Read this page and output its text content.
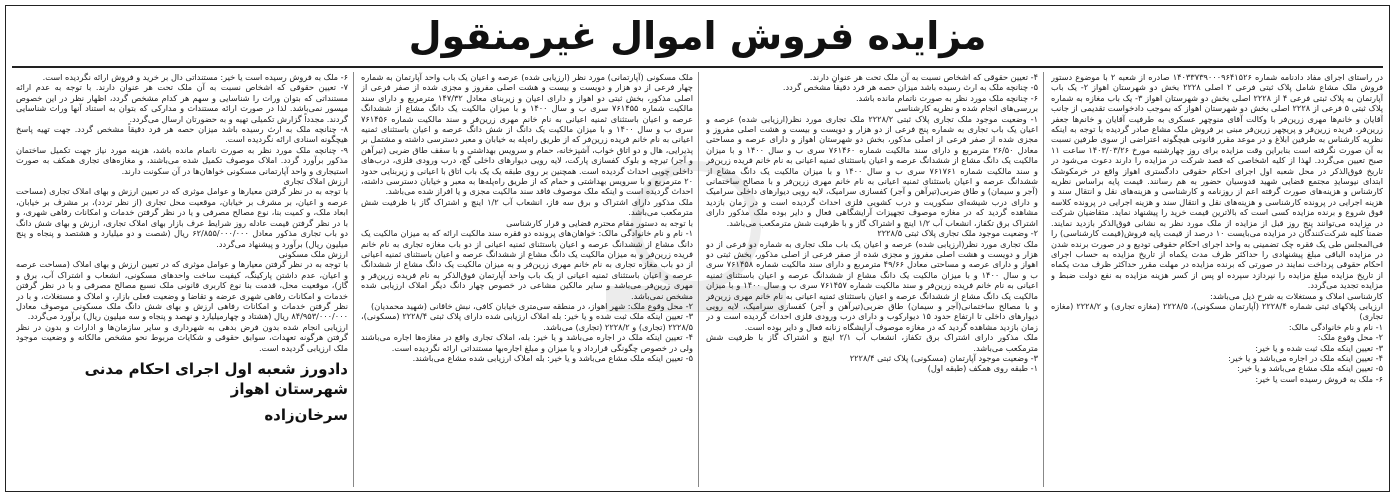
مزایده فروش اموال غیرمنقول

در راستای اجرای مفاد دادنامه شماره ۱۴۰۳۳۷۳۹۰۰۰۹۶۴۱۵۲۶ صادره از شعبه ۲ با موضوع دستور فروش ملک مشاع شامل پلاک ثبتی فرعی ۲ اصلی ۲۲۲۸ بخش دو شهرستان اهواز ۲- یک باب آپارتمان به پلاک ثبتی فرعی ۴ از ۲۲۲۸ اصلی بخش دو شهرستان اهواز ۳- یک باب مغازه به شماره پلاک ثبتی ۵ فرعی از ۲۲۲۸ اصلی بخش دو شهرستان اهواز که بموجب دادخواست تقدیمی از جانب آقایان و خانم‌ها مهری زرین‌فر با وکالت آقای منوچهر عسکری به طرفیت آقایان و خانم‌ها جعفر زرین‌فر، فریده زرین‌فر و پریچهر زرین‌فر مبنی بر فروش ملک مشاع صادر گردیده با توجه به اینکه نظریه کارشناس به طرفین ابلاغ و در موعد مقرر قانونی هیچگونه اعتراضی از سوی طرفین نسبت به آن صورت نگرفته است بنابراین وقت مزایده برای روز چهارشنبه مورخ ۱۴۰۳/۰۳/۲۶ ساعت ۱۱ صبح تعیین می‌گردد. لهذا از کلیه اشخاصی که قصد شرکت در مزایده را دارند دعوت می‌شود در تاریخ فوق‌الذکر در محل شعبه اول اجرای احکام حقوقی دادگستری اهواز واقع در خرمکوشک ابتدای نیوسایدِ مجتمع قضایی شهید قدوسیان حضور به هم رسانند. قیمت پایه براساس نظریه کارشناس و هزینه‌های صورت گرفته اعم از روزنامه و کارشناسی و هزینه‌های نقل و انتقال سند و هزینه اجرایی در پرونده کارشناسی و هزینه‌های نقل و انتقال سند و هزینه اجرایی در پرونده کلاسه فوق شروع و برنده مزایده کسی است که بالاترین قیمت خرید را پیشنهاد نماید. متقاضیان شرکت در مزایده می‌توانند پنج روز قبل از مزایده از ملک مورد نظر به نشانی فوق‌الذکر بازدید نمایند. ضمناً کلیه شرکت‌کنندگان در مزایده می‌بایست ۱۰ درصد از قیمت پایه فروش(قیمت کارشناسی) را فی‌المجلس طی یک فقره چک تضمینی به واحد اجرای احکام حقوقی تودیع و در صورت برنده شدن در مزایده الباقی مبلغ پیشنهادی را حداکثر ظرف مدت یکماه از تاریخ مزایده به حساب اجرای احکام حقوقی پرداخت نمایند در صورتی که برنده مزایده در مهلت مقرر حداکثر ظرف مدت یکماه از تاریخ مزایده مبلغ مزایده را نپردازد سپرده او پس از کسر هزینه مزایده به نفع دولت ضبط و مزایده تجدید می‌گردد.

کارشناسی املاک و مستغلات به شرح ذیل می‌باشد:

ارزیابی پلاکهای ثبتی شماره ۲۲۲۸/۴ (آپارتمان مسکونی)، ۲۲۲۸/۵ (مغازه تجاری) و ۲۲۲۸/۲ (مغازه تجاری)

۱- نام و نام خانوادگی مالک:

۲- محل وقوع ملک:

۳- تعیین اینکه ملک ثبت شده و یا خیر:

۴- تعیین اینکه ملک در اجاره می‌باشد و یا خیر:

۵- تعیین اینکه ملک مشاع می‌باشد و یا خیر:

۶- ملک به فروش رسیده است یا خیر:

۴- تعیین حقوقی که اشخاص نسبت به آن ملک تحت هر عنوان دارند.

۵- چنانچه ملک به ارث رسیده باشد میزان حصه هر فرد دقیقاً مشخص گردد.

۶- چنانچه ملک مورد نظر به صورت ناتمام مانده باشد.

بررسی‌های انجام شده و نظریه کارشناسی

۱- وضعیت موجود ملک تجاری پلاک ثبتی ۲۲۲۸/۲ ملک تجاری مورد نظر(ارزیابی شده) عرصه و اعیان یک باب تجاری به شماره پنج فرعی از دو هزار و دویست و بیست و هشت اصلی مفروز و مجزی شده از صفر فرعی از اصلی مذکور، بخش دو شهرستان اهواز و دارای عرصه و مساحتی معادل ۲۶/۵۰ مترمربع و دارای سند مالکیت شماره ۷۶۱۴۶۰ سری ب و سال ۱۴۰۰ و با میزان مالکیت یک دانگ مشاع از ششدانگ عرصه و اعیان باستثنای ثمنیه اعیانی به نام خانم فریده زرین‌فر و سند مالکیت شماره ۷۶۱۷۶۱ سری ب و سال ۱۴۰۰ و با میزان مالکیت یک دانگ مشاع از ششدانگ عرصه و اعیان باستثنای ثمنیه اعیانی به نام خانم مهری زرین‌فر و با مصالح ساختمانی (آجر و سیمان) و طاق ضربی(تیرآهن و آجر) کفسازی سرامیک، لایه رویی دیوارهای داخلی سرامیک و دارای درب شیشه‌ای سکوریت و درب کشویی فلزی احداث گردیده است و در زمان بازدید مشاهده گردید که در مغازه موصوف تجهیزات آرایشگاهی فعال و دایر بوده ملک مذکور دارای اشتراک برق تکفاز، انشعاب آب ۱/۲ اینچ و اشتراک گاز و با ظرفیت شش مترمکعب می‌باشد.

۲- وضعیت موجود ملک تجاری پلاک ثبتی ۲۲۲۸/۵

ملک تجاری مورد نظر(ارزیابی شده) عرصه و اعیان یک باب ملک تجاری به شماره دو فرعی از دو هزار و دویست و هشت اصلی مفروز و مجزی شده از صفر فرعی از اصلی مذکور، بخش ثبتی دو اهواز و دارای عرصه و مساحتی معادل ۴۹/۶۶ مترمربع و دارای سند مالکیت شماره ۷۶۱۴۵۸ سری ب و سال ۱۴۰۰ و با میزان مالکیت یک دانگ مشاع از ششدانگ عرصه و اعیان باستثنای ثمنیه اعیانی به نام خانم فریده زرین‌فر و سند مالکیت شماره ۷۶۱۴۵۷ سری ب و سال ۱۴۰۰ و با میزان مالکیت یک دانگ مشاع از ششدانگ عرصه و اعیان باستثنای ثمنیه اعیانی به نام خانم مهری زرین‌فر و با مصالح ساختمانی(آجر و سیمان) طاق ضربی(تیرآهن و آجر) کفسازی سرامیک، لایه رویی دیوارهای داخلی تا ارتفاع حدود ۱۵ دیوارکوب و دارای درب ورودی فلزی احداث گردیده است و در زمان بازدید مشاهده گردید که در مغازه موصوف آرایشگاه زنانه فعال و دایر بوده است.

ملک مذکور دارای اشتراک برق تکفاز، انشعاب آب ۲/۱ اینچ و اشتراک گاز با ظرفیت شش مترمکعب می‌باشد.

۳- وضعیت موجود آپارتمان (مسکونی) پلاک ثبتی ۲۲۲۸/۴

۱- طبقه روی همکف (طبقه اول)

ملک مسکونی (آپارتمانی) مورد نظر (ارزیابی شده) عرصه و اعیان یک باب واحد آپارتمان به شماره چهار فرعی از دو هزار و دویست و بیست و هشت اصلی مفروز و مجزی شده از صفر فرعی از اصلی مذکور، بخش ثبتی دو اهواز و دارای اعیان و زیربنای معادل ۱۴۷/۳۲ مترمربع و دارای سند مالکیت شماره ۷۶۱۴۵۵ سری ب و سال ۱۴۰۰ و با میزان مالکیت یک دانگ مشاع از ششدانگ عرصه و اعیان باستثنای ثمنیه اعیانی به نام خانم مهری زرین‌فر و سند مالکیت شماره ۷۶۱۴۵۶ سری ب و سال ۱۴۰۰ و با میزان مالکیت یک دانگ از شش دانگ عرصه و اعیان باستثنای ثمنیه اعیانی به نام خانم فریده زرین‌فر که از طریق راه‌پله به خیابان و معبر دسترسی داشته و مشتمل بر پذیرایی، هال و دو اتاق خواب، آشپزخانه، حمام و سرویس بهداشتی و با سقف طاق ضربی (تیرآهن و آجر) تیرچه و بلوک کفسازی پارکت، لایه رویی دیوارهای داخلی گچ، درب ورودی فلزی، درب‌های داخلی چوبی احداث گردیده است. همچنین بر روی طبقه یک یک باب اتاق با اعیانی و زیربنایی حدود ۲۰ مترمربع و با سرویس بهداشتی و حمام که از طریق راه‌پله‌ها به معبر و خیابان دسترسی داشته، احداث گردیده است و اینکه ملک موصوف فاقد سند مالکیت مجزی و یا افراز شده می‌باشد.

ملک مذکور دارای اشتراک و برق سه فاز، انشعاب آب ۱/۲ اینچ و اشتراک گاز با ظرفیت شش مترمکعب می‌باشد.

با توجه به دستور مقام محترم قضایی و قرار کارشناسی

۱- نام و نام خانوادگی مالک: خواهان‌های پرونده دو فقره سند مالکیت ارائه که به میزان مالکیت یک دانگ مشاع از ششدانگ عرصه و اعیان باستثنای ثمنیه اعیانی از دو باب مغازه تجاری به نام خانم فریده زرین‌فر و به میزان مالکیت یک دانگ مشاع از ششدانگ عرصه و اعیان باستثنای ثمنیه اعیانی از دو باب مغازه تجاری به نام خانم مهری زرین‌فر و به میزان مالکیت یک دانگ مشاع از ششدانگ عرصه و اعیان باستثنای ثمنیه اعیانی از یک باب واحد آپارتمان فوق‌الذکر به نام فریده زرین‌فر و مهری زرین‌فر می‌باشد و سایر مالکین مشاعی در خصوص چهار دانگ دیگر املاک ارزیابی شده مشخص نمی‌باشد.

۲- محل وقوع ملک: شهر اهواز، در منطقه سی‌متری خیابان کافی، نبش خاقانی (شهید محمدیان)

۳- تعیین اینکه ملک ثبت شده و یا خیر: بله املاک ارزیابی شده دارای پلاک ثبتی ۲۲۲۸/۴ (مسکونی)، ۲۲۲۸/۵ (تجاری) و ۲۲۲۸/۲ (تجاری) می‌باشد.

۴- تعیین اینکه ملک در اجاره می‌باشد و یا خیر: بله، املاک تجاری واقع در مغازه‌ها اجاره می‌باشند ولی در خصوص چگونگی قرارداد و یا میزان و مبلغ اجاره‌بها مستنداتی ارائه نگردیده است.

۵- تعیین اینکه ملک مشاع می‌باشد و یا خیر: بله املاک ارزیابی شده مشاع می‌باشند.

۶- ملک به فروش رسیده است یا خیر: مستنداتی دال بر خرید و فروش ارائه نگردیده است.

۷- تعیین حقوقی که اشخاص نسبت به آن ملک تحت هر عنوان دارند. با توجه به عدم ارائه مستنداتی که بتوان ورات را شناسایی و سهم هر کدام مشخص گردد، اظهار نظر در این خصوص میسور نمی‌باشد. لذا در صورت ارائه مستندات و مدارکی که بتوان به استناد آنها ورات شناسایی گردند. مجدداً گزارش تکمیلی تهیه و به حضورتان ارسال می‌گردد.

۸- چنانچه ملک به ارث رسیده باشد میزان حصه هر فرد دقیقاً مشخص گردد. جهت تهیه پاسخ هیچگونه اسنادی ارائه نگردیده است.

۹- چنانچه ملک مورد نظر به صورت ناتمام مانده باشد، هزینه مورد نیاز جهت تکمیل ساختمان مذکور برآورد گردد. املاک موصوف تکمیل شده می‌باشند، و مغازه‌های تجاری همکف به صورت استیجاری و واحد آپارتمانی مسکونی خواهان‌ها در آن سکونت دارند.

ارزش املاک تجاری

با توجه به در نظر گرفتن معیارها و عوامل موثری که در تعیین ارزش و بهای املاک تجاری (مساحت عرصه و اعیان، بر مشرف بر خیابان، موقعیت محل تجاری (از نظر تردد)، بر مشرف بر خیابان، ابعاد ملک، و کمیت بنا، نوع مصالح مصرفی و یا در نظر گرفتن خدمات و امکانات رفاهی شهری، و با در نظر گرفتن قیمت عادله روز شرایط عرف بازار بهای املاک تجاری، ارزش و بهای شش دانگ دو باب تجاری مذکور معادل ۶۲/۸۵۵/۰۰۰/۰۰۰ ریال (شصت و دو میلیارد و هشتصد و پنجاه و پنج میلیون ریال) برآورد و پیشنهاد می‌گردد.

ارزش ملک مسکونی

با توجه به در نظر گرفتن معیارها و عوامل موثری که در تعیین ارزش و بهای املاک (مساحت عرصه و اعیان، عدم داشتن پارکینگ، کیفیت ساخت واحدهای مسکونی، انشعاب و اشتراک آب، برق و گاز)، موقعیت محل، قدمت بنا نوع کاربری قانونی ملک نسبع مصالح مصرفی و با در نظر گرفتن خدمات و امکانات رفاهی شهری عرضه و تقاضا و وضعیت فعلی بازار، و املاک و مستغلات، و با در نظر گرفتن خدمات و امکانات رفاهی ارزش و بهای شش دانگ ملک مسکونی موصوف معادل ۸۴/۹۵۳/۰۰۰/۰۰۰ ریال (هشتاد و چهارمیلیارد و نهصد و پنجاه و سه میلیون ریال) برآورد می‌گردد.

ارزیابی انجام شده بدون فرض بدهی به شهرداری و سایر سازمان‌ها و ادارات و بدون در نظر گرفتن هرگونه تعهدات، سوابق حقوقی و شکایات مربوط نحو مشخص مالکانه و وضعیت موجود ملک ارزیابی گردیده است.

دادورز شعبه اول اجرای احکام مدنی شهرستان اهواز

سرخان‌زاده
